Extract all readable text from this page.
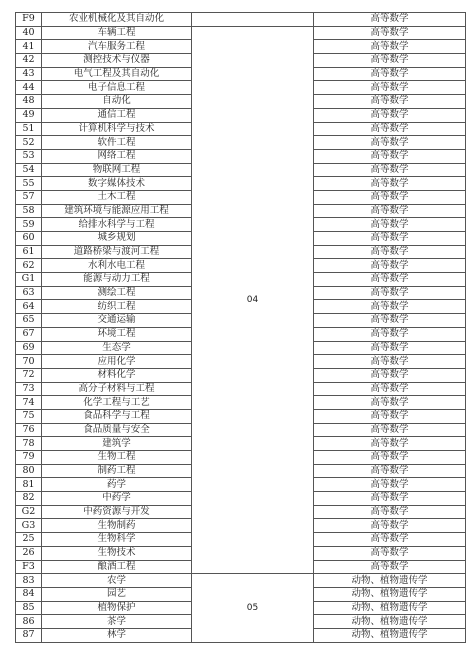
F9	农业机械化及其自动化		高等数学
40	车辆工程	04	高等数学
41	汽车服务工程		高等数学
42	测控技术与仪器		高等数学
43	电气工程及其自动化		高等数学
44	电子信息工程		高等数学
48	自动化		高等数学
49	通信工程		高等数学
51	计算机科学与技术		高等数学
52	软件工程		高等数学
53	网络工程		高等数学
54	物联网工程		高等数学
55	数字媒体技术		高等数学
57	土木工程		高等数学
58	建筑环境与能源应用工程		高等数学
59	给排水科学与工程		高等数学
60	城乡规划		高等数学
61	道路桥梁与渡河工程		高等数学
62	水利水电工程		高等数学
G1	能源与动力工程		高等数学
63	测绘工程		高等数学
64	纺织工程		高等数学
65	交通运输		高等数学
67	环境工程		高等数学
69	生态学		高等数学
70	应用化学		高等数学
72	材料化学		高等数学
73	高分子材料与工程		高等数学
74	化学工程与工艺		高等数学
75	食品科学与工程		高等数学
76	食品质量与安全		高等数学
78	建筑学		高等数学
79	生物工程		高等数学
80	制药工程		高等数学
81	药学		高等数学
82	中药学		高等数学
G2	中药资源与开发		高等数学
G3	生物制药		高等数学
25	生物科学		高等数学
26	生物技术		高等数学
F3	酿酒工程		高等数学
83	农学	05	动物、植物遗传学
84	园艺		动物、植物遗传学
85	植物保护		动物、植物遗传学
86	茶学		动物、植物遗传学
87	林学		动物、植物遗传学
